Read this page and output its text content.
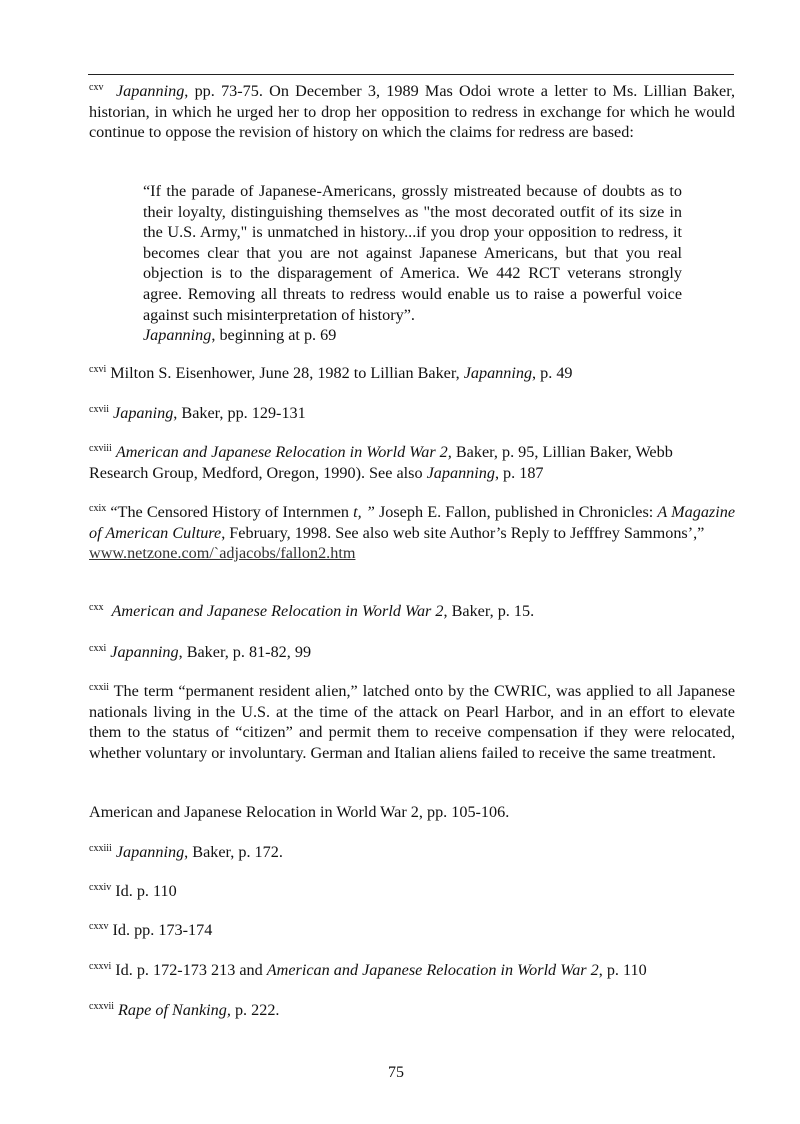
$^{cxv}$ Japanning, pp. 73-75. On December 3, 1989 Mas Odoi wrote a letter to Ms. Lillian Baker, historian, in which he urged her to drop her opposition to redress in exchange for which he would continue to oppose the revision of history on which the claims for redress are based:
“If the parade of Japanese-Americans, grossly mistreated because of doubts as to their loyalty, distinguishing themselves as "the most decorated outfit of its size in the U.S. Army," is unmatched in history...if you drop your opposition to redress, it becomes clear that you are not against Japanese Americans, but that you real objection is to the disparagement of America. We 442 RCT veterans strongly agree. Removing all threats to redress would enable us to raise a powerful voice against such misinterpretation of history”.
Japanning, beginning at p. 69
$^{cxvi}$ Milton S. Eisenhower, June 28, 1982 to Lillian Baker, Japanning, p. 49
$^{cxvii}$ Japaning, Baker, pp. 129-131
$^{cxviii}$ American and Japanese Relocation in World War 2, Baker, p. 95, Lillian Baker, Webb Research Group, Medford, Oregon, 1990). See also Japanning, p. 187
$^{cxix}$ “The Censored History of Internmen t, ” Joseph E. Fallon, published in Chronicles: A Magazine of American Culture, February, 1998. See also web site Author’s Reply to Jefffrey Sammons’,”
www.netzone.com/`adjacobs/fallon2.htm
$^{cxx}$ American and Japanese Relocation in World War 2, Baker, p. 15.
$^{cxxi}$ Japanning, Baker, p. 81-82, 99
$^{cxxii}$ The term “permanent resident alien,” latched onto by the CWRIC, was applied to all Japanese nationals living in the U.S. at the time of the attack on Pearl Harbor, and in an effort to elevate them to the status of “citizen” and permit them to receive compensation if they were relocated, whether voluntary or involuntary. German and Italian aliens failed to receive the same treatment.
American and Japanese Relocation in World War 2, pp. 105-106.
$^{cxxiii}$ Japanning, Baker, p. 172.
$^{cxxiv}$ Id. p. 110
$^{cxxv}$ Id. pp. 173-174
$^{cxxvi}$ Id. p. 172-173 213 and American and Japanese Relocation in World War 2, p. 110
$^{cxxvii}$ Rape of Nanking, p. 222.
75
